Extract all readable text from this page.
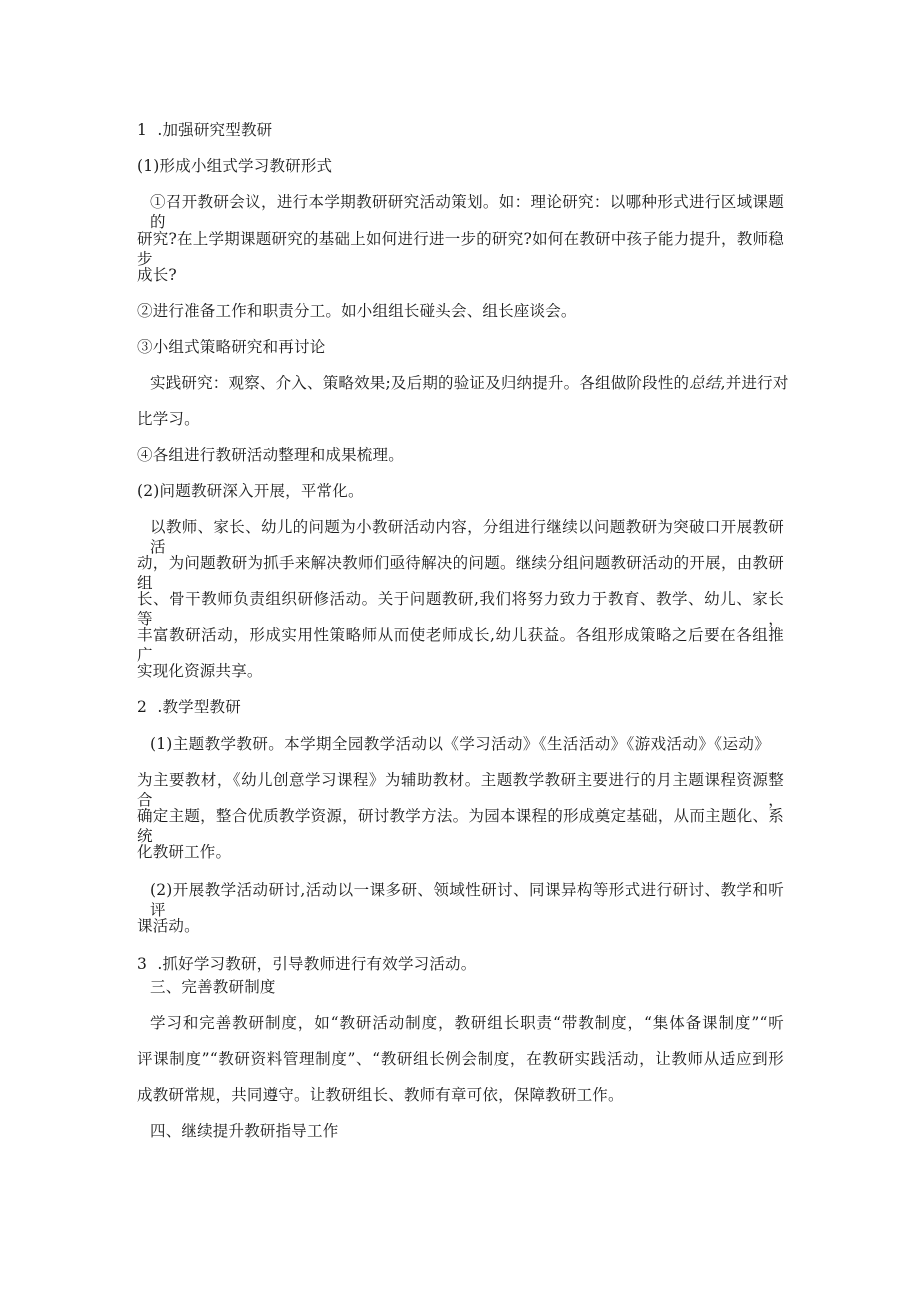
1  .加强研究型教研
(1)形成小组式学习教研形式
①召开教研会议，进行本学期教研研究活动策划。如：理论研究：以哪种形式进行区域课题的
研究?在上学期课题研究的基础上如何进行进一步的研究?如何在教研中孩子能力提升，教师稳步
成长?
②进行准备工作和职责分工。如小组组长碰头会、组长座谈会。
③小组式策略研究和再讨论
实践研究：观察、介入、策略效果;及后期的验证及归纳提升。各组做阶段性的总结,并进行对
比学习。
④各组进行教研活动整理和成果梳理。
(2)问题教研深入开展，平常化。
以教师、家长、幼儿的问题为小教研活动内容，分组进行继续以问题教研为突破口开展教研活
动，为问题教研为抓手来解决教师们亟待解决的问题。继续分组问题教研活动的开展，由教研组
长、骨干教师负责组织研修活动。关于问题教研,我们将努力致力于教育、教学、幼儿、家长等，
丰富教研活动，形成实用性策略师从而使老师成长,幼儿获益。各组形成策略之后要在各组推广
实现化资源共享。
2  .教学型教研
(1)主题教学教研。本学期全园教学活动以《学习活动》《生活活动》《游戏活动》《运动》
为主要教材，《幼儿创意学习课程》为辅助教材。主题教学教研主要进行的月主题课程资源整合，
确定主题，整合优质教学资源，研讨教学方法。为园本课程的形成奠定基础，从而主题化、系统
化教研工作。
(2)开展教学活动研讨,活动以一课多研、领域性研讨、同课异构等形式进行研讨、教学和听评
课活动。
3  .抓好学习教研，引导教师进行有效学习活动。
三、完善教研制度
学习和完善教研制度，如“教研活动制度，教研组长职责“带教制度，“集体备课制度”“听
评课制度”“教研资料管理制度”、“教研组长例会制度，在教研实践活动，让教师从适应到形
成教研常规，共同遵守。让教研组长、教师有章可依，保障教研工作。
四、继续提升教研指导工作
